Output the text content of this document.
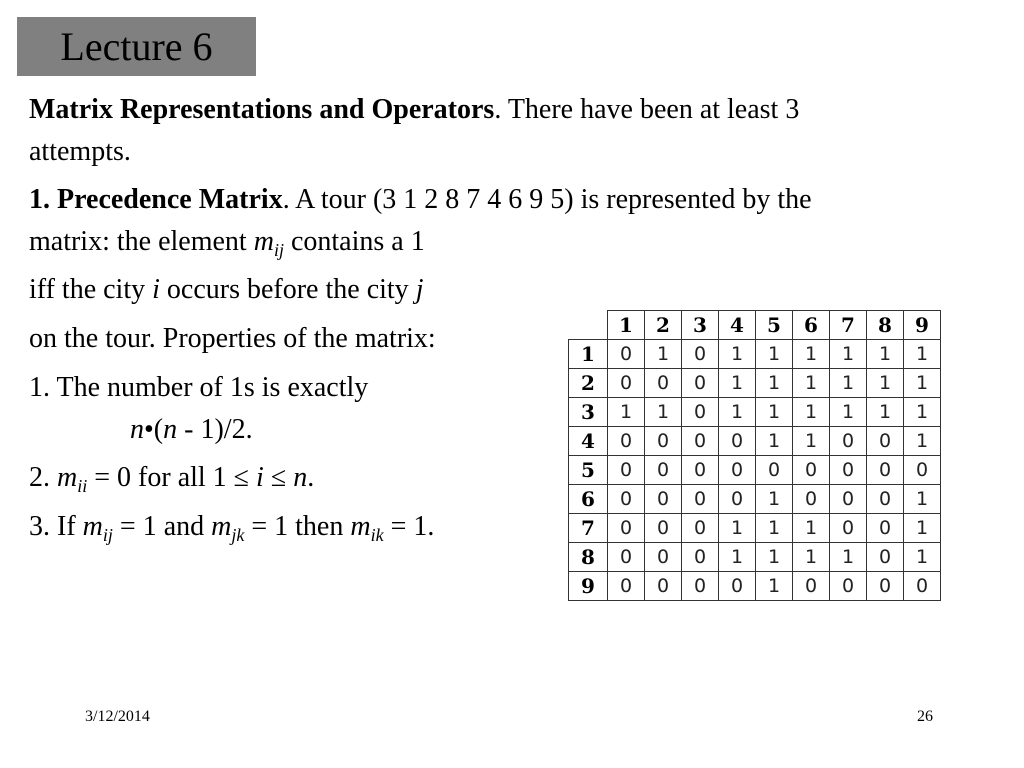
Lecture 6
Matrix Representations and Operators. There have been at least 3
attempts.
1. Precedence Matrix. A tour (3 1 2 8 7 4 6 9 5) is represented by the
matrix: the element $m_{ij}$ contains a 1
iff the city i occurs before the city j
on the tour. Properties of the matrix:
1. The number of 1s is exactly
n•(n - 1)/2.
2. $m_{ii} = 0$ for all 1 ≤ i ≤ n.
3. If $m_{ij} = 1$ and $m_{jk} = 1$ then $m_{ik} = 1$.
	1	2	3	4	5	6	7	8	9
1	0	1	0	1	1	1	1	1	1
2	0	0	0	1	1	1	1	1	1
3	1	1	0	1	1	1	1	1	1
4	0	0	0	0	1	1	0	0	1
5	0	0	0	0	0	0	0	0	0
6	0	0	0	0	1	0	0	0	1
7	0	0	0	1	1	1	0	0	1
8	0	0	0	1	1	1	1	0	1
9	0	0	0	0	1	0	0	0	0
3/12/2014	26
